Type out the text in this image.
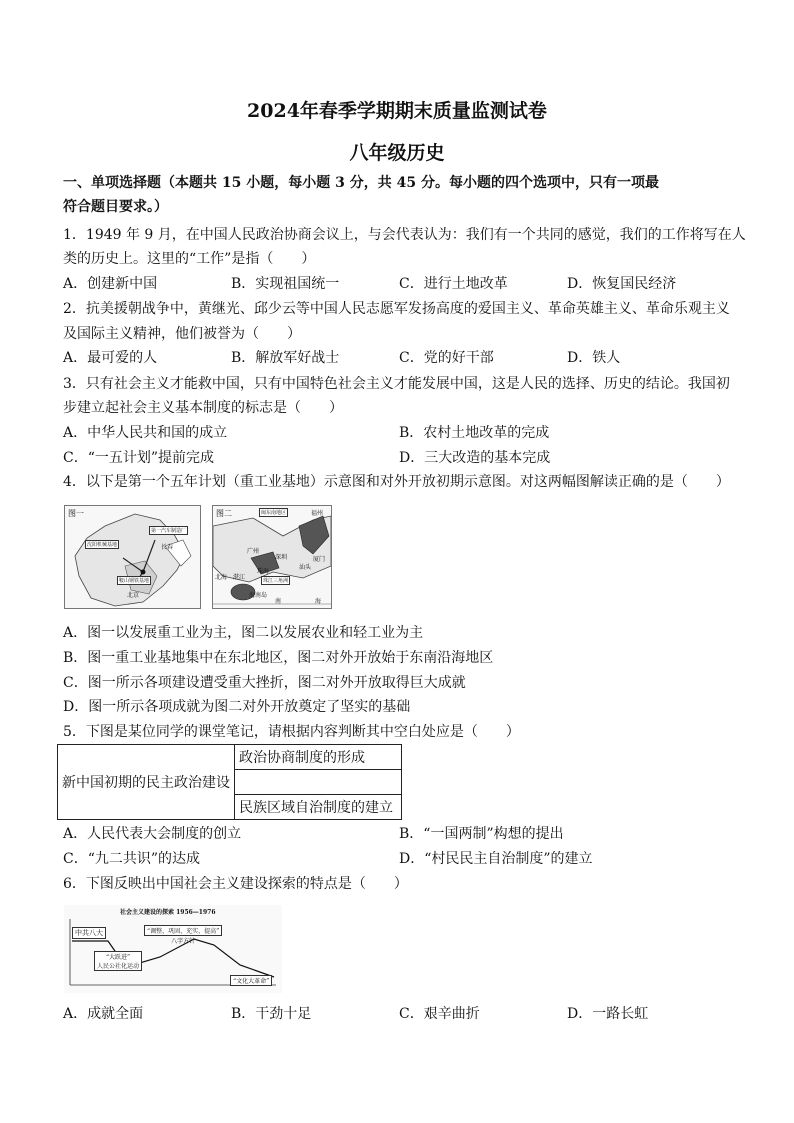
2024年春季学期期末质量监测试卷
八年级历史
一、单项选择题（本题共 15 小题，每小题 3 分，共 45 分。每小题的四个选项中，只有一项最
符合题目要求。）
1．1949 年 9 月，在中国人民政治协商会议上，与会代表认为：我们有一个共同的感觉，我们的工作将写在人
类的历史上。这里的“工作”是指（　　）
A．创建新中国	B．实现祖国统一	C．进行土地改革	D．恢复国民经济
2．抗美援朝战争中，黄继光、邱少云等中国人民志愿军发扬高度的爱国主义、革命英雄主义、革命乐观主义
及国际主义精神，他们被誉为（　　）
A．最可爱的人	B．解放军好战士	C．党的好干部	D．铁人
3．只有社会主义才能救中国，只有中国特色社会主义才能发展中国，这是人民的选择、历史的结论。我国初
步建立起社会主义基本制度的标志是（　　）
A．中华人民共和国的成立	B．农村土地改革的完成
C．“一五计划”提前完成	D．三大改造的基本完成
4．以下是第一个五年计划（重工业基地）示意图和对外开放初期示意图。对这两幅图解读正确的是（　　）
图一
沈阳机械基地	长春
第一汽车制造厂
鞍山钢铁基地
北京
图二	闽东南地区	福州
厦门
广州
深圳
珠海
汕头
北海 湛江
海南岛
珠江三角洲
南	海
A．图一以发展重工业为主，图二以发展农业和轻工业为主
B．图一重工业基地集中在东北地区，图二对外开放始于东南沿海地区
C．图一所示各项建设遭受重大挫折，图二对外开放取得巨大成就
D．图一所示各项成就为图二对外开放奠定了坚实的基础
5．下图是某位同学的课堂笔记，请根据内容判断其中空白处应是（　　）
新中国初期的民主政治建设	政治协商制度的形成

民族区域自治制度的建立
A．人民代表大会制度的创立	B．“一国两制”构想的提出
C．“九二共识”的达成	D．“村民民主自治制度”的建立
6．下图反映出中国社会主义建设探索的特点是（　　）
社会主义建设的探索 1956—1976
中共八大	“调整、巩固、充实、提高”
八字方针
“大跃进”
人民公社化运动
“文化大革命”
A．成就全面	B．干劲十足	C．艰辛曲折	D．一路长虹
